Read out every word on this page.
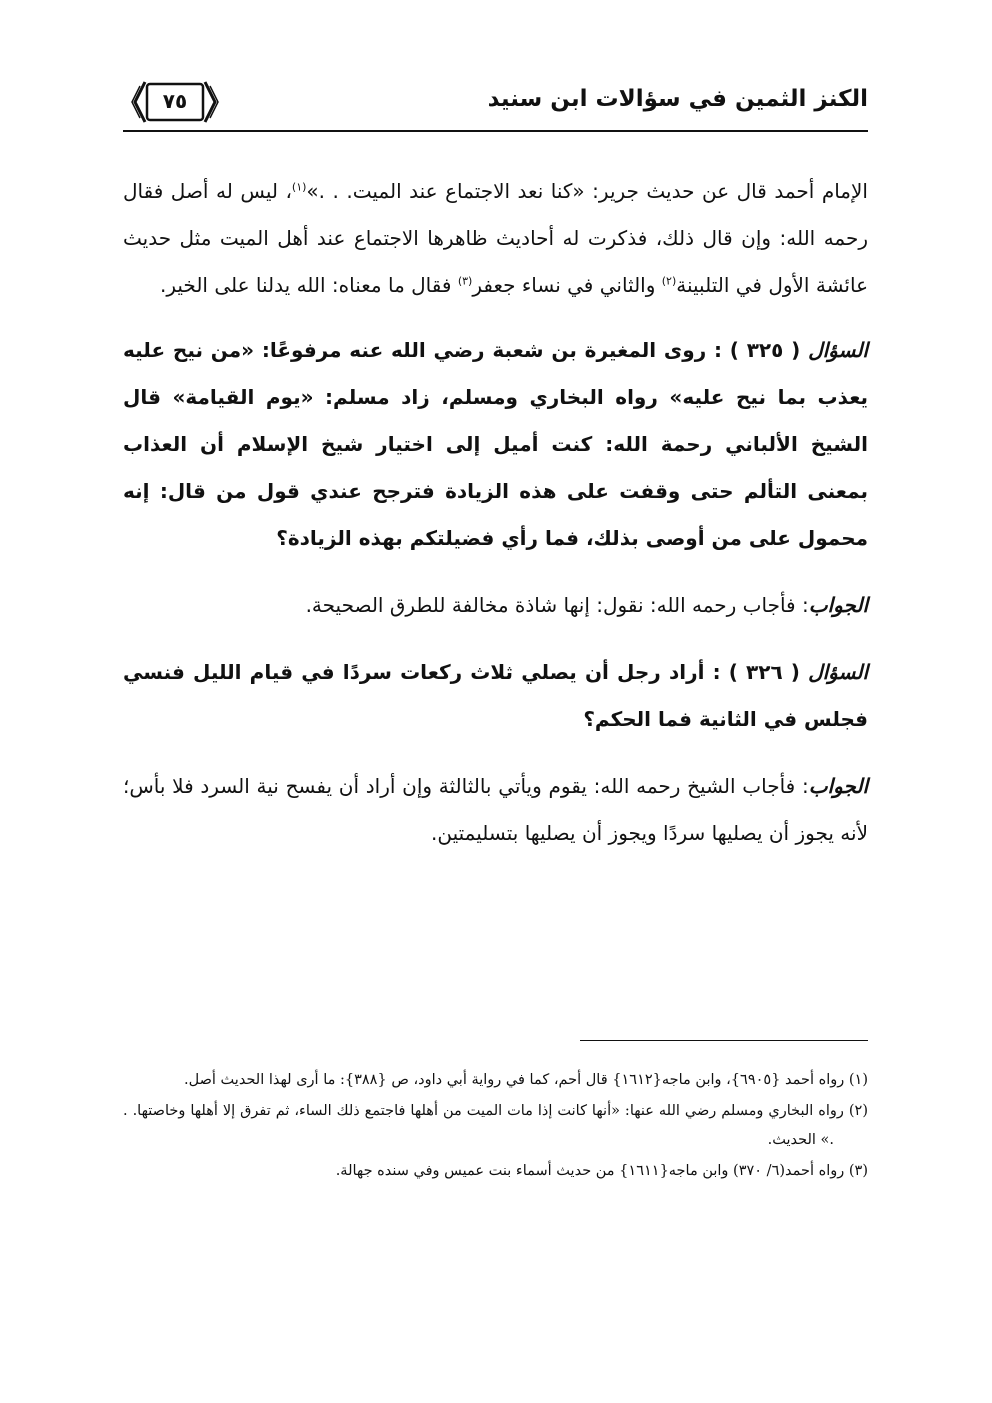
الكنز الثمين في سؤالات ابن سنيد
٧٥

الإمام أحمد قال عن حديث جرير: «كنا نعد الاجتماع عند الميت. . .»$^{(١)}$، ليس له أصل فقال رحمه الله: وإن قال ذلك، فذكرت له أحاديث ظاهرها الاجتماع عند أهل الميت مثل حديث عائشة الأول في التلبينة$^{(٢)}$ والثاني في نساء جعفر$^{(٣)}$ فقال ما معناه: الله يدلنا على الخير.

السؤال ( ٣٢٥ ) : روى المغيرة بن شعبة رضي الله عنه مرفوعًا: «من نيح عليه يعذب بما نيح عليه» رواه البخاري ومسلم، زاد مسلم: «يوم القيامة» قال الشيخ الألباني رحمة الله: كنت أميل إلى اختيار شيخ الإسلام أن العذاب بمعنى التألم حتى وقفت على هذه الزيادة فترجح عندي قول من قال: إنه محمول على من أوصى بذلك، فما رأي فضيلتكم بهذه الزيادة؟

الجواب: فأجاب رحمه الله: نقول: إنها شاذة مخالفة للطرق الصحيحة.

السؤال ( ٣٢٦ ) : أراد رجل أن يصلي ثلاث ركعات سردًا في قيام الليل فنسي فجلس في الثانية فما الحكم؟

الجواب: فأجاب الشيخ رحمه الله: يقوم ويأتي بالثالثة وإن أراد أن يفسح نية السرد فلا بأس؛ لأنه يجوز أن يصليها سردًا ويجوز أن يصليها بتسليمتين.

(١) رواه أحمد {٦٩٠٥}، وابن ماجه{١٦١٢} قال أحم، كما في رواية أبي داود، ص {٣٨٨}: ما أرى لهذا الحديث أصل.

(٢) رواه البخاري ومسلم رضي الله عنها: «أنها كانت إذا مات الميت من أهلها فاجتمع ذلك الساء، ثم تفرق إلا أهلها وخاصتها. . .» الحديث.

(٣) رواه أحمد(٦/ ٣٧٠) وابن ماجه{١٦١١} من حديث أسماء بنت عميس وفي سنده جهالة.
